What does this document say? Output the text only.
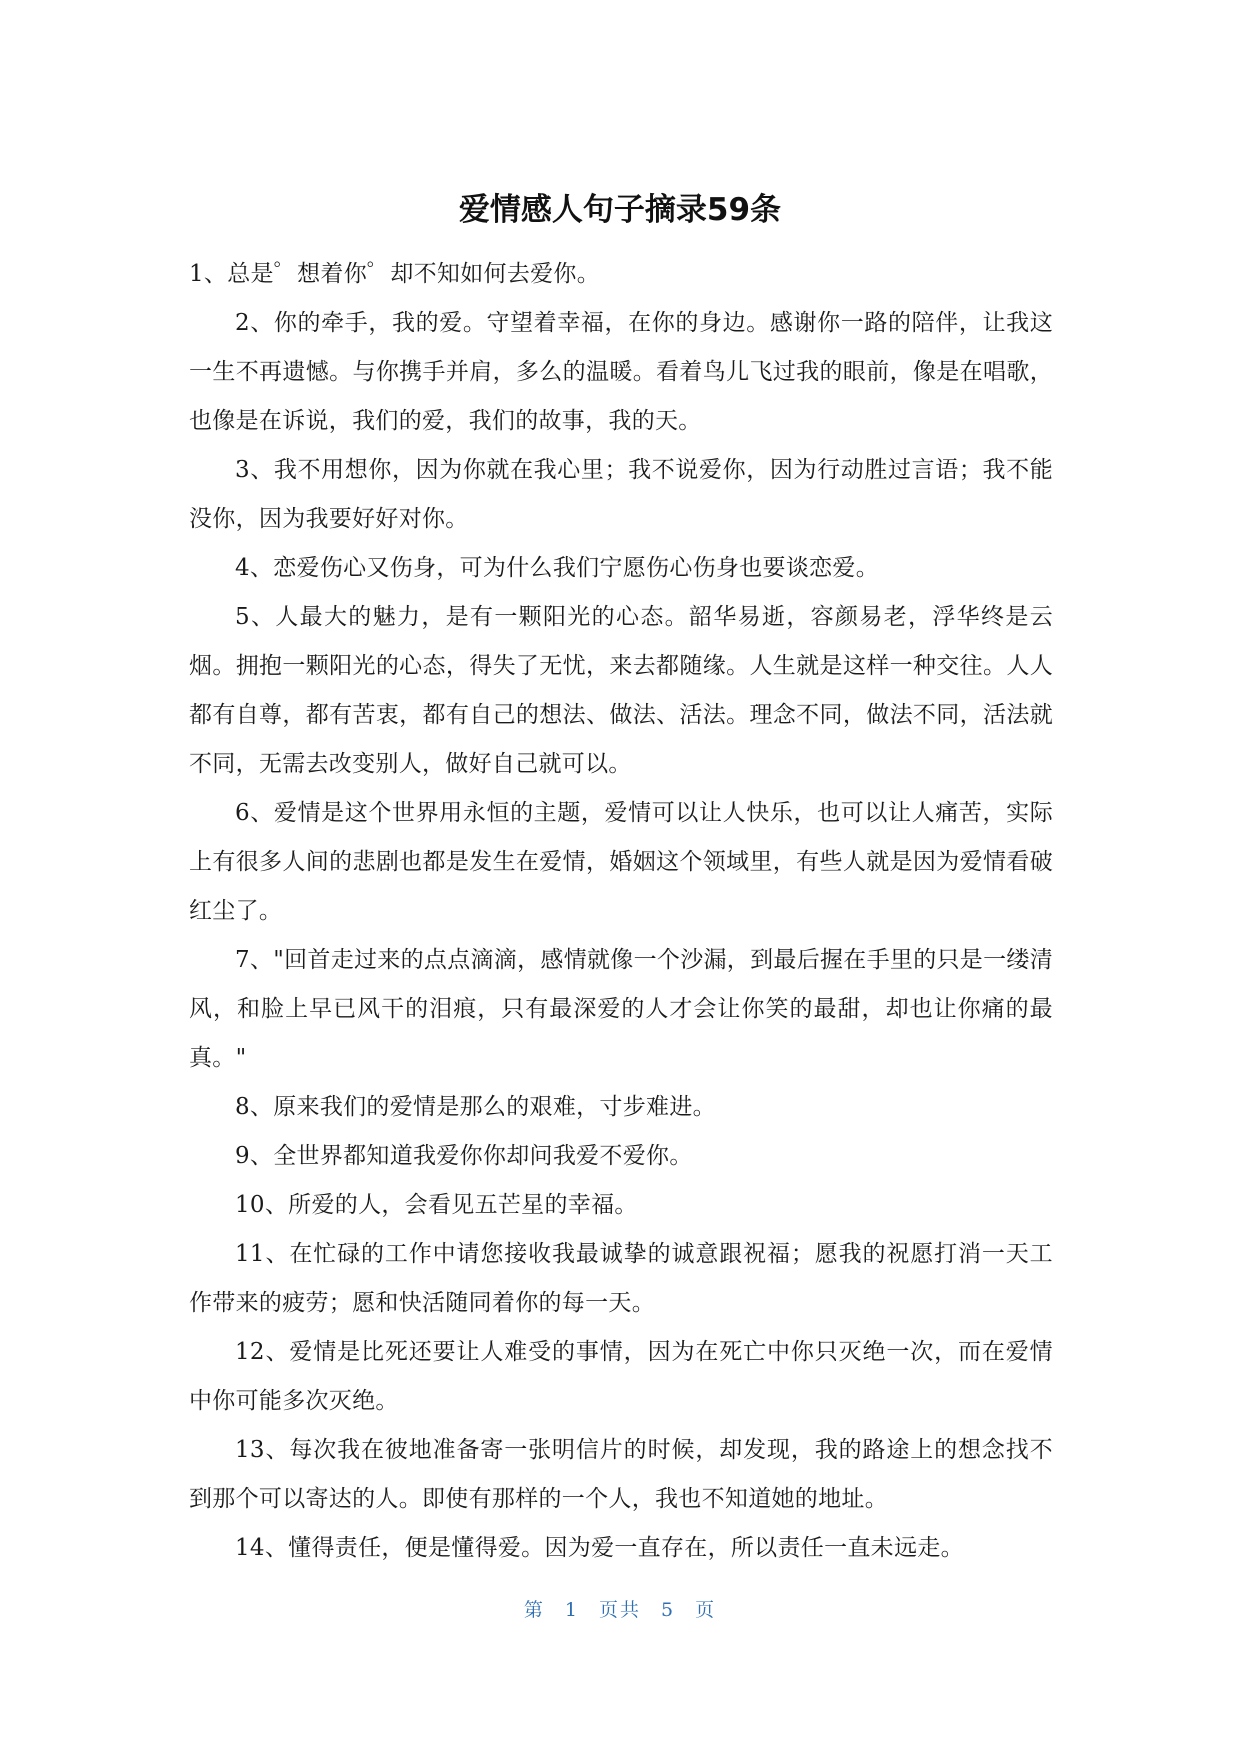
爱情感人句子摘录59条

1、总是゜想着你゜却不知如何去爱你。

2、你的牵手，我的爱。守望着幸福，在你的身边。感谢你一路的陪伴，让我这一生不再遗憾。与你携手并肩，多么的温暖。看着鸟儿飞过我的眼前，像是在唱歌，也像是在诉说，我们的爱，我们的故事，我的天。

3、我不用想你，因为你就在我心里；我不说爱你，因为行动胜过言语；我不能没你，因为我要好好对你。

4、恋爱伤心又伤身，可为什么我们宁愿伤心伤身也要谈恋爱。

5、人最大的魅力，是有一颗阳光的心态。韶华易逝，容颜易老，浮华终是云烟。拥抱一颗阳光的心态，得失了无忧，来去都随缘。人生就是这样一种交往。人人都有自尊，都有苦衷，都有自己的想法、做法、活法。理念不同，做法不同，活法就不同，无需去改变别人，做好自己就可以。

6、爱情是这个世界用永恒的主题，爱情可以让人快乐，也可以让人痛苦，实际上有很多人间的悲剧也都是发生在爱情，婚姻这个领域里，有些人就是因为爱情看破红尘了。

7、"回首走过来的点点滴滴，感情就像一个沙漏，到最后握在手里的只是一缕清风，和脸上早已风干的泪痕，只有最深爱的人才会让你笑的最甜，却也让你痛的最真。"

8、原来我们的爱情是那么的艰难，寸步难进。

9、全世界都知道我爱你你却问我爱不爱你。

10、所爱的人，会看见五芒星的幸福。

11、在忙碌的工作中请您接收我最诚挚的诚意跟祝福；愿我的祝愿打消一天工作带来的疲劳；愿和快活随同着你的每一天。

12、爱情是比死还要让人难受的事情，因为在死亡中你只灭绝一次，而在爱情中你可能多次灭绝。

13、每次我在彼地准备寄一张明信片的时候，却发现，我的路途上的想念找不到那个可以寄达的人。即使有那样的一个人，我也不知道她的地址。

14、懂得责任，便是懂得爱。因为爱一直存在，所以责任一直未远走。

第 1 页共 5 页
